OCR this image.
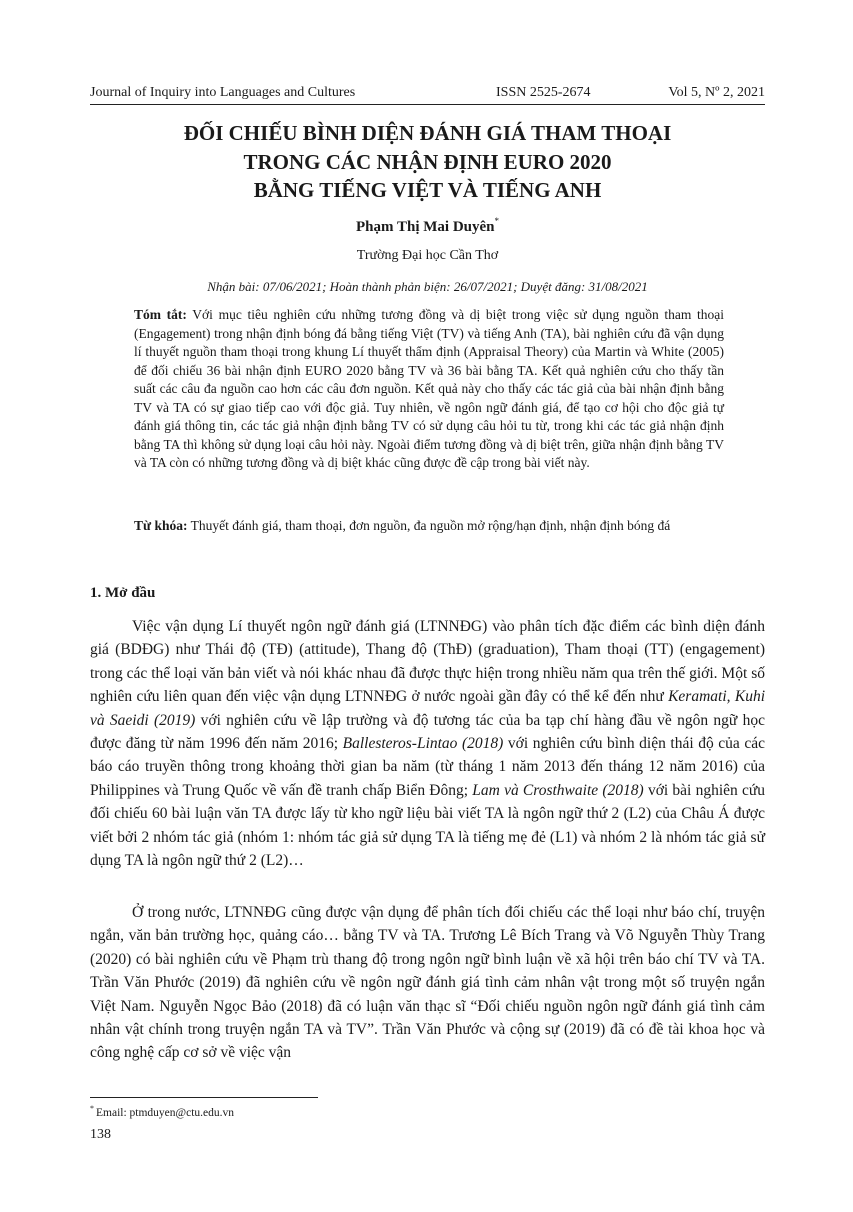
Journal of Inquiry into Languages and Cultures	ISSN 2525-2674	Vol 5, Nº 2, 2021
ĐỐI CHIẾU BÌNH DIỆN ĐÁNH GIÁ THAM THOẠI
TRONG CÁC NHẬN ĐỊNH EURO 2020
BẰNG TIẾNG VIỆT VÀ TIẾNG ANH
Phạm Thị Mai Duyên*
Trường Đại học Cần Thơ
Nhận bài: 07/06/2021; Hoàn thành phản biện: 26/07/2021; Duyệt đăng: 31/08/2021
Tóm tắt: Với mục tiêu nghiên cứu những tương đồng và dị biệt trong việc sử dụng nguồn tham thoại (Engagement) trong nhận định bóng đá bằng tiếng Việt (TV) và tiếng Anh (TA), bài nghiên cứu đã vận dụng lí thuyết nguồn tham thoại trong khung Lí thuyết thẩm định (Appraisal Theory) của Martin và White (2005) để đối chiếu 36 bài nhận định EURO 2020 bằng TV và 36 bài bằng TA. Kết quả nghiên cứu cho thấy tần suất các câu đa nguồn cao hơn các câu đơn nguồn. Kết quả này cho thấy các tác giả của bài nhận định bằng TV và TA có sự giao tiếp cao với độc giả. Tuy nhiên, về ngôn ngữ đánh giá, để tạo cơ hội cho độc giả tự đánh giá thông tin, các tác giả nhận định bằng TV có sử dụng câu hỏi tu từ, trong khi các tác giả nhận định bằng TA thì không sử dụng loại câu hỏi này. Ngoài điểm tương đồng và dị biệt trên, giữa nhận định bằng TV và TA còn có những tương đồng và dị biệt khác cũng được đề cập trong bài viết này.
Từ khóa: Thuyết đánh giá, tham thoại, đơn nguồn, đa nguồn mở rộng/hạn định, nhận định bóng đá
1. Mở đầu
Việc vận dụng Lí thuyết ngôn ngữ đánh giá (LTNNĐG) vào phân tích đặc điểm các bình diện đánh giá (BDĐG) như Thái độ (TĐ) (attitude), Thang độ (ThĐ) (graduation), Tham thoại (TT) (engagement) trong các thể loại văn bản viết và nói khác nhau đã được thực hiện trong nhiều năm qua trên thế giới. Một số nghiên cứu liên quan đến việc vận dụng LTNNĐG ở nước ngoài gần đây có thể kể đến như Keramati, Kuhi và Saeidi (2019) với nghiên cứu về lập trường và độ tương tác của ba tạp chí hàng đầu về ngôn ngữ học được đăng từ năm 1996 đến năm 2016; Ballesteros-Lintao (2018) với nghiên cứu bình diện thái độ của các báo cáo truyền thông trong khoảng thời gian ba năm (từ tháng 1 năm 2013 đến tháng 12 năm 2016) của Philippines và Trung Quốc về vấn đề tranh chấp Biển Đông; Lam và Crosthwaite (2018) với bài nghiên cứu đối chiếu 60 bài luận văn TA được lấy từ kho ngữ liệu bài viết TA là ngôn ngữ thứ 2 (L2) của Châu Á được viết bởi 2 nhóm tác giả (nhóm 1: nhóm tác giả sử dụng TA là tiếng mẹ đẻ (L1) và nhóm 2 là nhóm tác giả sử dụng TA là ngôn ngữ thứ 2 (L2)…
Ở trong nước, LTNNĐG cũng được vận dụng để phân tích đối chiếu các thể loại như báo chí, truyện ngắn, văn bản trường học, quảng cáo… bằng TV và TA. Trương Lê Bích Trang và Võ Nguyễn Thùy Trang (2020) có bài nghiên cứu về Phạm trù thang độ trong ngôn ngữ bình luận về xã hội trên báo chí TV và TA. Trần Văn Phước (2019) đã nghiên cứu về ngôn ngữ đánh giá tình cảm nhân vật trong một số truyện ngắn Việt Nam. Nguyễn Ngọc Bảo (2018) đã có luận văn thạc sĩ “Đối chiếu nguồn ngôn ngữ đánh giá tình cảm nhân vật chính trong truyện ngắn TA và TV”. Trần Văn Phước và cộng sự (2019) đã có đề tài khoa học và công nghệ cấp cơ sở về việc vận
* Email: ptmduyen@ctu.edu.vn
138
